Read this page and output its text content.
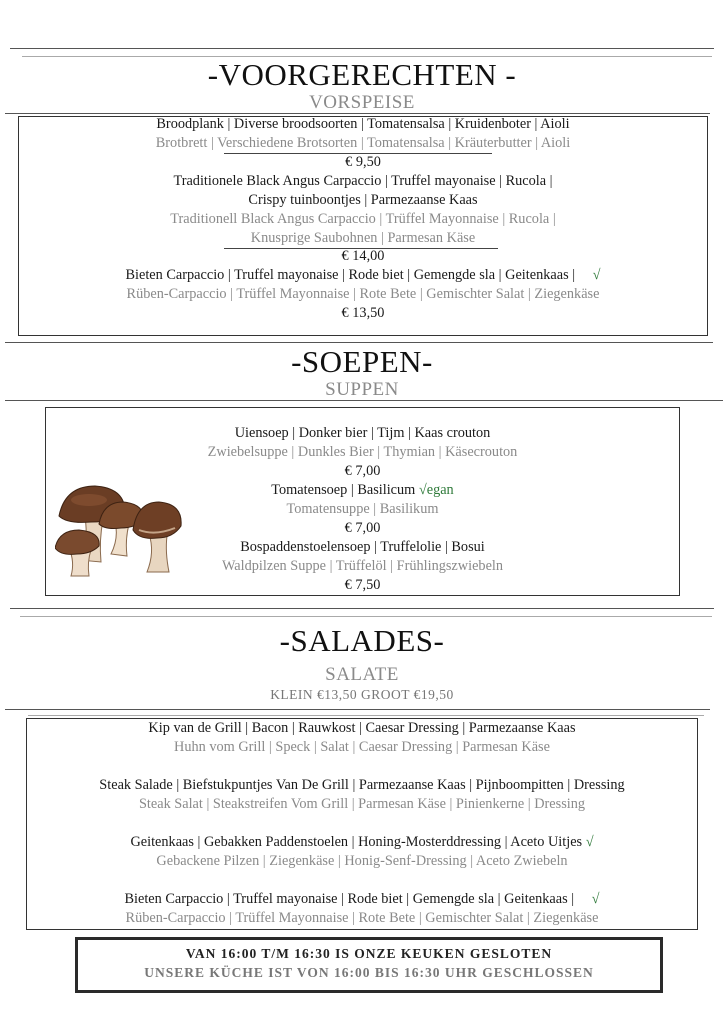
-VOORGERECHTEN -
VORSPEISE
Broodplank | Diverse broodsoorten | Tomatensalsa | Kruidenboter | Aioli
Brotbrett | Verschiedene Brotsorten | Tomatensalsa | Kräuterbutter | Aioli
€ 9,50
Traditionele Black Angus Carpaccio | Truffel mayonaise | Rucola |
Crispy tuinboontjes | Parmezaanse Kaas
Traditionell Black Angus Carpaccio | Trüffel Mayonnaise | Rucola |
Knusprige Saubohnen | Parmesan Käse
€ 14,00
Bieten Carpaccio | Truffel mayonaise | Rode biet | Gemengde sla | Geitenkaas | √
Rüben-Carpaccio | Trüffel Mayonnaise | Rote Bete | Gemischter Salat | Ziegenkäse
€ 13,50
-SOEPEN-
SUPPEN
Uiensoep | Donker bier | Tijm | Kaas crouton
Zwiebelsuppe | Dunkles Bier | Thymian | Käsecrouton
€ 7,00
Tomatensoep | Basilicum √egan
Tomatensuppe | Basilikum
€ 7,00
Bospaddenstoelensoep | Truffelolie | Bosui
Waldpilzen Suppe | Trüffelöl | Frühlingszwiebeln
€ 7,50
-SALADES-
SALATE
KLEIN €13,50 GROOT €19,50
Kip van de Grill | Bacon | Rauwkost | Caesar Dressing | Parmezaanse Kaas
Huhn vom Grill | Speck | Salat | Caesar Dressing | Parmesan Käse
Steak Salade | Biefstukpuntjes Van De Grill | Parmezaanse Kaas | Pijnboompitten | Dressing
Steak Salat | Steakstreifen Vom Grill | Parmesan Käse | Pinienkerne | Dressing
Geitenkaas | Gebakken Paddenstoelen | Honing-Mosterddressing | Aceto Uitjes √
Gebackene Pilzen | Ziegenkäse | Honig-Senf-Dressing | Aceto Zwiebeln
Bieten Carpaccio | Truffel mayonaise | Rode biet | Gemengde sla | Geitenkaas | √
Rüben-Carpaccio | Trüffel Mayonnaise | Rote Bete | Gemischter Salat | Ziegenkäse
VAN 16:00 T/M 16:30 IS ONZE KEUKEN GESLOTEN
UNSERE KÜCHE IST VON 16:00 BIS 16:30 UHR GESCHLOSSEN
